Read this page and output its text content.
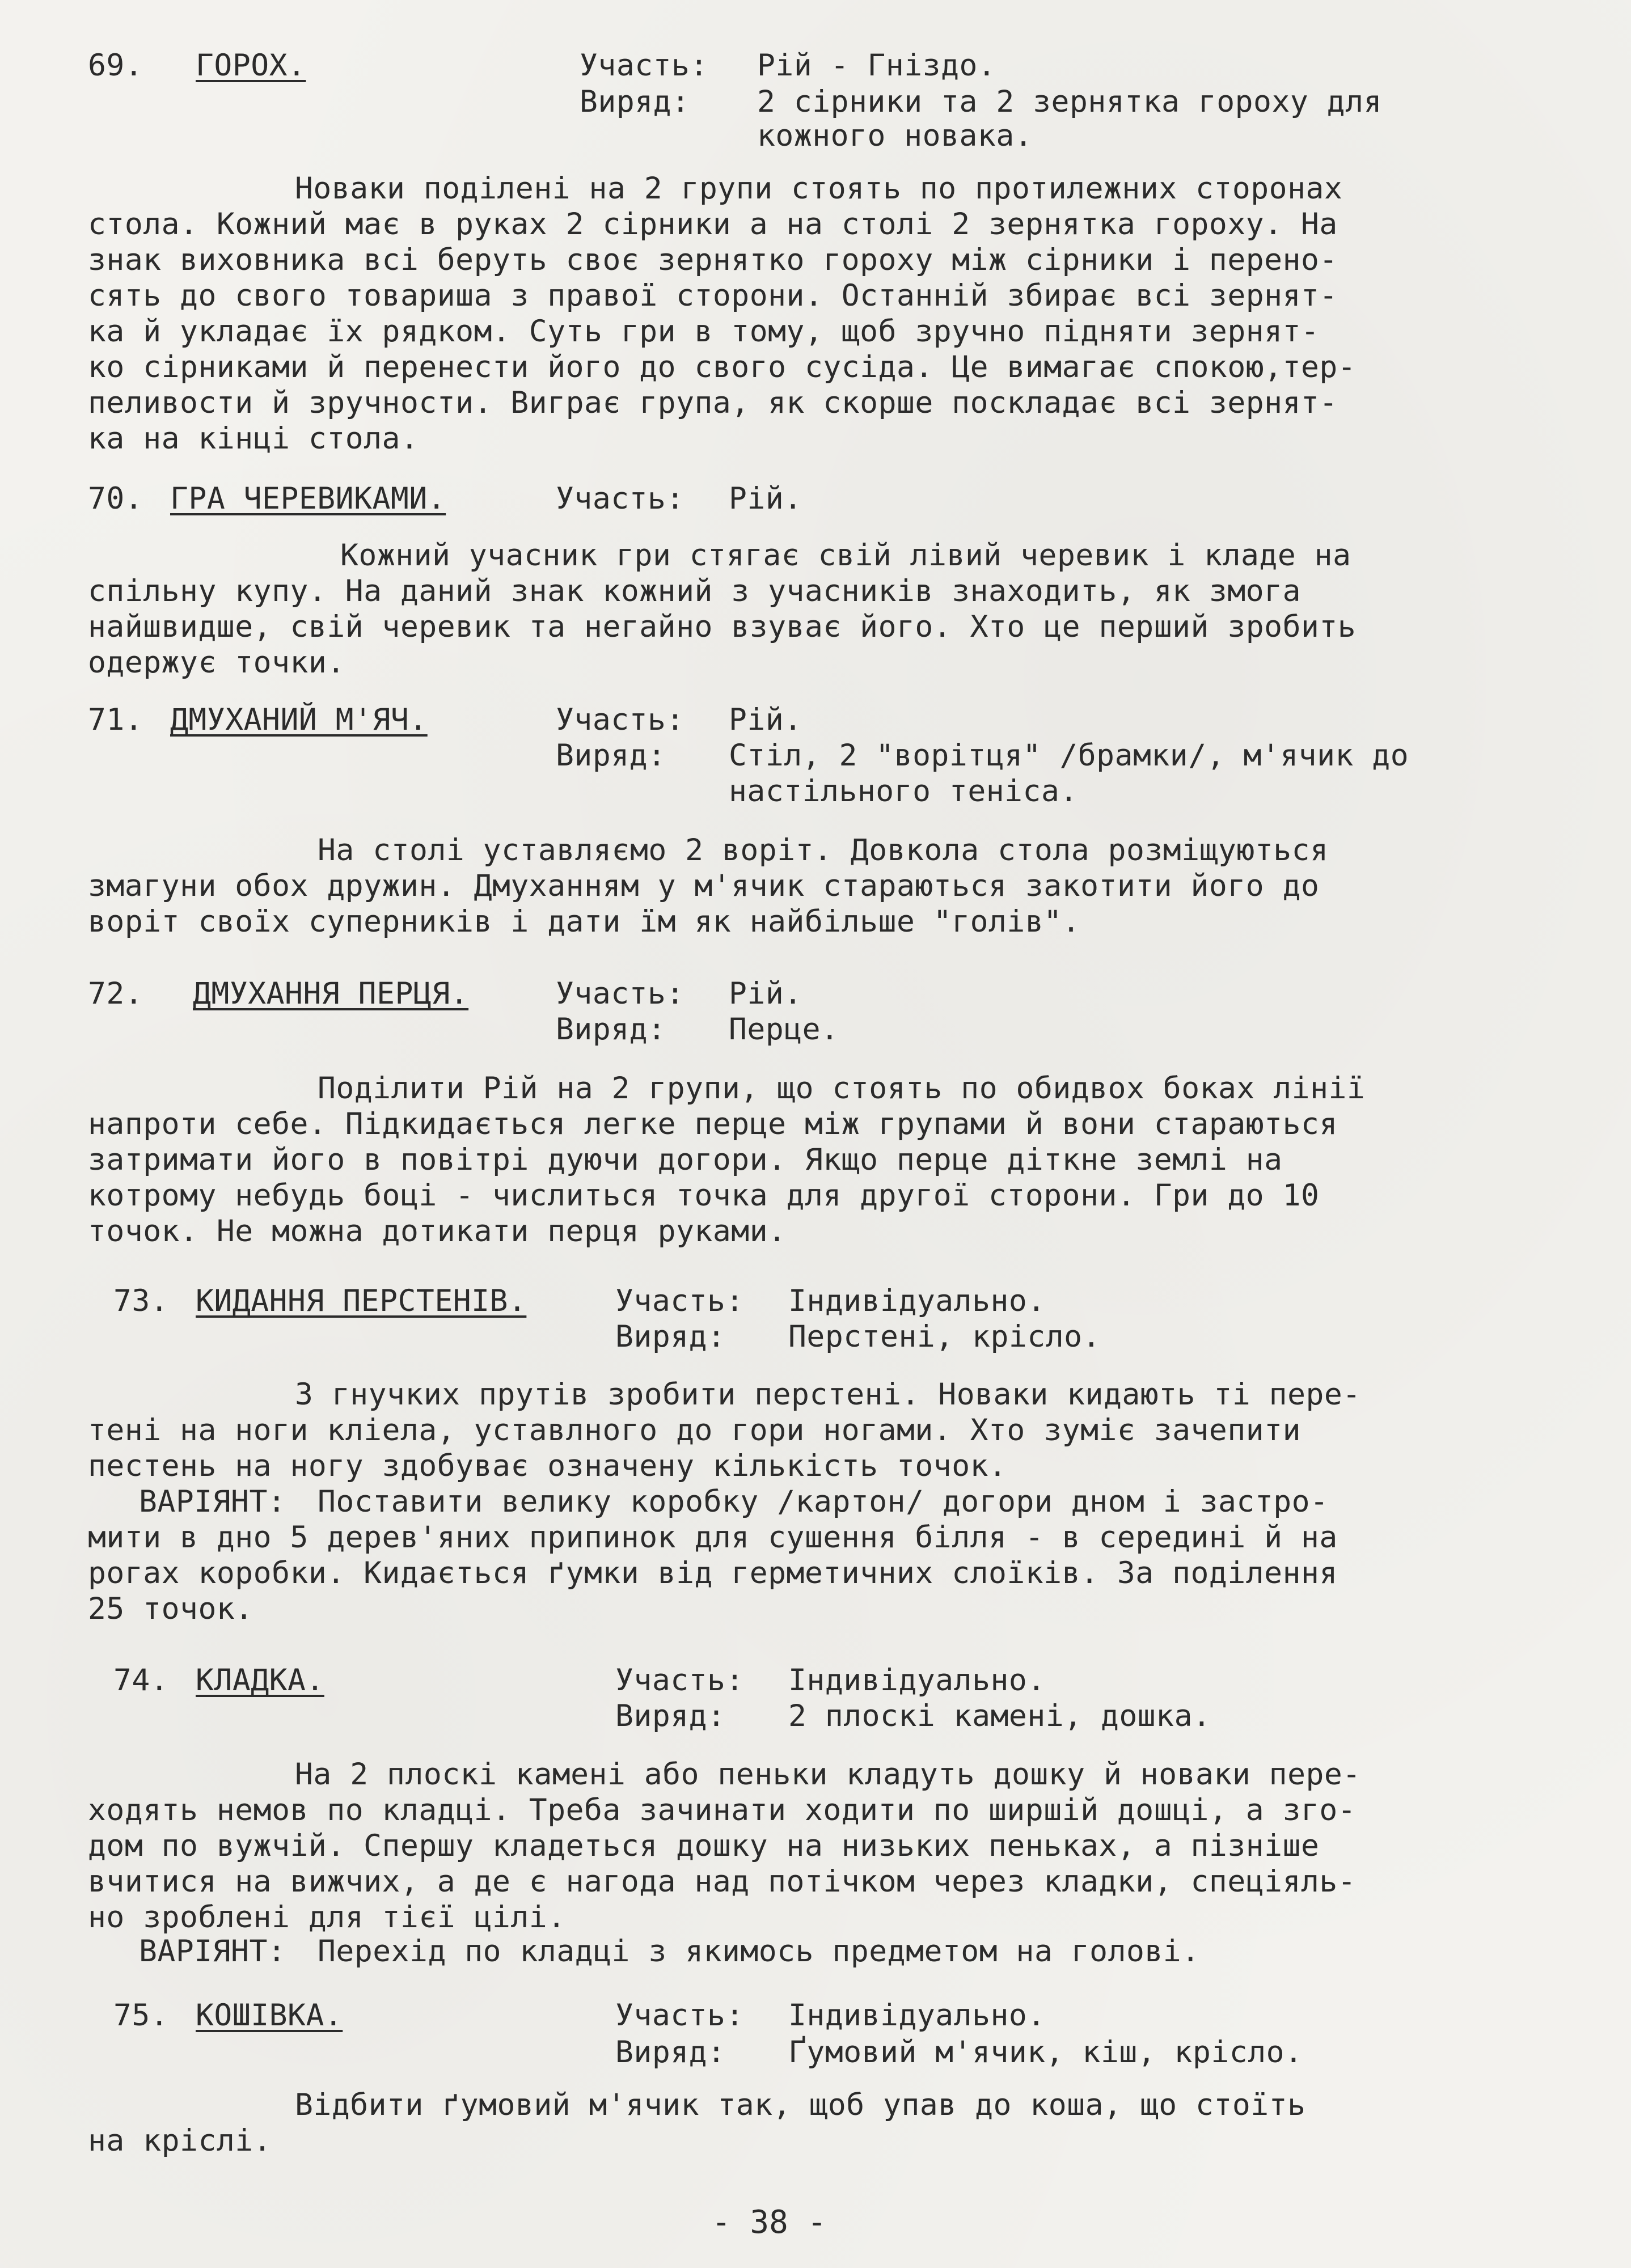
69. ГОРОХ.	Участь: Рій - Гніздо.
Виряд: 2 сірники та 2 зернятка гороху для
кожного новака.
Новаки поділені на 2 групи стоять по протилежних сторонах
стола. Кожний має в руках 2 сірники а на столі 2 зернятка гороху. На
знак виховника всі беруть своє зернятко гороху між сірники і перено-
сять до свого товариша з правої сторони. Останній збирає всі зернят-
ка й укладає їх рядком. Суть гри в тому, щоб зручно підняти зернят-
ко сірниками й перенести його до свого сусіда. Це вимагає спокою,тер-
пеливости й зручности. Виграє група, як скорше поскладає всі зернят-
ка на кінці стола.
70. ГРА ЧЕРЕВИКАМИ.	Участь: Рій.
Кожний учасник гри стягає свій лівий черевик і кладе на
спільну купу. На даний знак кожний з учасників знаходить, як змога
найшвидше, свій черевик та негайно взуває його. Хто це перший зробить
одержує точки.
71. ДМУХАНИЙ М'ЯЧ.	Участь: Рій.
Виряд: Стіл, 2 "ворітця" /брамки/, м'ячик до
настільного теніса.
На столі уставляємо 2 воріт. Довкола стола розміщуються
змагуни обох дружин. Дмуханням у м'ячик стараються закотити його до
воріт своїх суперників і дати їм як найбільше "голів".
72. ДМУХАННЯ ПЕРЦЯ.	Участь: Рій.
Виряд: Перце.
Поділити Рій на 2 групи, що стоять по обидвох боках лінії
напроти себе. Підкидається легке перце між групами й вони стараються
затримати його в повітрі дуючи догори. Якщо перце діткне землі на
котрому небудь боці - числиться точка для другої сторони. Гри до 10
точок. Не можна дотикати перця руками.
73. КИДАННЯ ПЕРСТЕНІВ.	Участь: Індивідуально.
Виряд: Перстені, крісло.
З гнучких прутів зробити перстені. Новаки кидають ті пере-
тені на ноги кліела, уставлного до гори ногами. Хто зуміє зачепити
пестень на ногу здобуває означену кількість точок.
ВАРІЯНТ: Поставити велику коробку /картон/ догори дном і застро-
мити в дно 5 дерев'яних припинок для сушення білля - в середині й на
рогах коробки. Кидається ґумки від герметичних слоїків. За поділення
25 точок.
74. КЛАДКА.	Участь: Індивідуально.
Виряд: 2 плоскі камені, дошка.
На 2 плоскі камені або пеньки кладуть дошку й новаки пере-
ходять немов по кладці. Треба зачинати ходити по ширшій дошці, а зго-
дом по вужчій. Спершу кладеться дошку на низьких пеньках, а пізніше
вчитися на вижчих, а де є нагода над потічком через кладки, спеціяль-
но зроблені для тієї цілі.
ВАРІЯНТ: Перехід по кладці з якимось предметом на голові.
75. КОШІВКА.	Участь: Індивідуально.
Виряд: Ґумовий м'ячик, кіш, крісло.
Відбити ґумовий м'ячик так, щоб упав до коша, що стоїть
на кріслі.
- 38 -
